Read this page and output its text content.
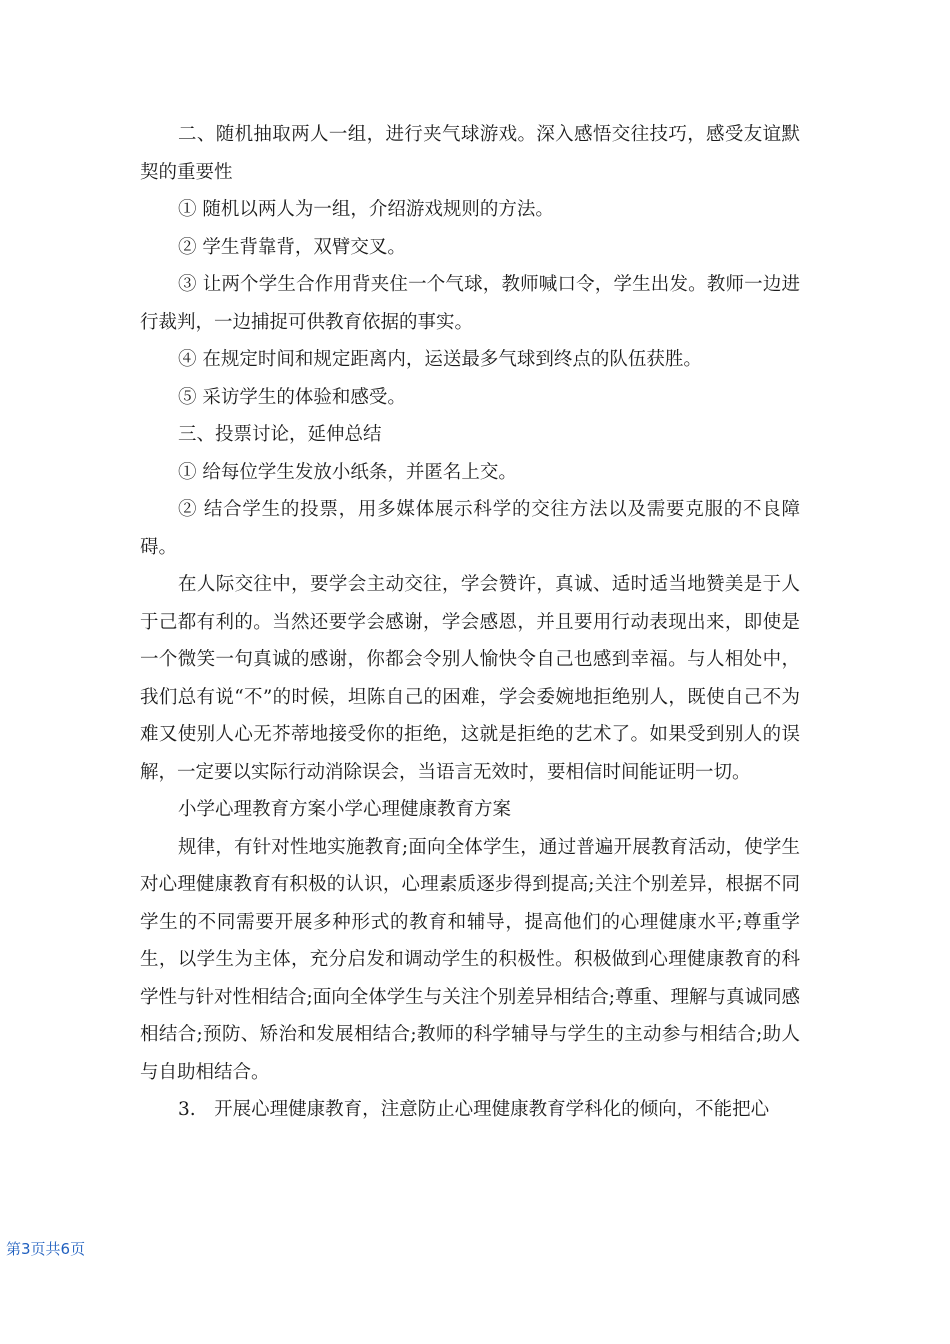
二、随机抽取两人一组，进行夹气球游戏。深入感悟交往技巧，感受友谊默契的重要性

① 随机以两人为一组，介绍游戏规则的方法。

② 学生背靠背，双臂交叉。

③ 让两个学生合作用背夹住一个气球，教师喊口令，学生出发。教师一边进行裁判，一边捕捉可供教育依据的事实。

④ 在规定时间和规定距离内，运送最多气球到终点的队伍获胜。

⑤ 采访学生的体验和感受。

三、投票讨论，延伸总结

① 给每位学生发放小纸条，并匿名上交。

② 结合学生的投票，用多媒体展示科学的交往方法以及需要克服的不良障碍。

在人际交往中，要学会主动交往，学会赞许，真诚、适时适当地赞美是于人于己都有利的。当然还要学会感谢，学会感恩，并且要用行动表现出来，即使是一个微笑一句真诚的感谢，你都会令别人愉快令自己也感到幸福。与人相处中，我们总有说“不”的时候，坦陈自己的困难，学会委婉地拒绝别人，既使自己不为难又使别人心无芥蒂地接受你的拒绝，这就是拒绝的艺术了。如果受到别人的误解，一定要以实际行动消除误会，当语言无效时，要相信时间能证明一切。

小学心理教育方案小学心理健康教育方案

规律，有针对性地实施教育;面向全体学生，通过普遍开展教育活动，使学生对心理健康教育有积极的认识，心理素质逐步得到提高;关注个别差异，根据不同学生的不同需要开展多种形式的教育和辅导，提高他们的心理健康水平;尊重学生，以学生为主体，充分启发和调动学生的积极性。积极做到心理健康教育的科学性与针对性相结合;面向全体学生与关注个别差异相结合;尊重、理解与真诚同感相结合;预防、矫治和发展相结合;教师的科学辅导与学生的主动参与相结合;助人与自助相结合。

3.　开展心理健康教育，注意防止心理健康教育学科化的倾向，不能把心

第3页共6页
